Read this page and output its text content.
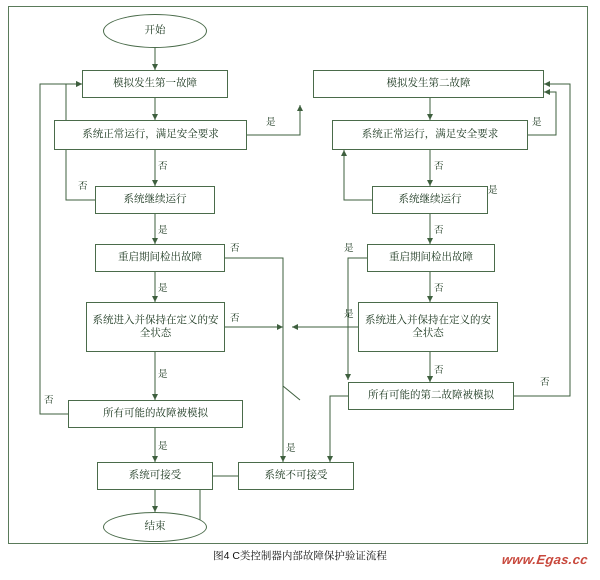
开始
模拟发生第一故障	模拟发生第二故障
系统正常运行，满足安全要求	系统正常运行，满足安全要求
系统继续运行	系统继续运行
重启期间检出故障	重启期间检出故障
系统进入并保持在定义的安全状态
系统进入并保持在定义的安全状态
所有可能的故障被模拟
所有可能的第二故障被模拟
系统可接受	系统不可接受
结束
是
否
否
是
否
是
否
是
否
是
是
否
是
否
是
否
是
否
否
是
图4 C类控制器内部故障保护验证流程	www.Egas.cc
